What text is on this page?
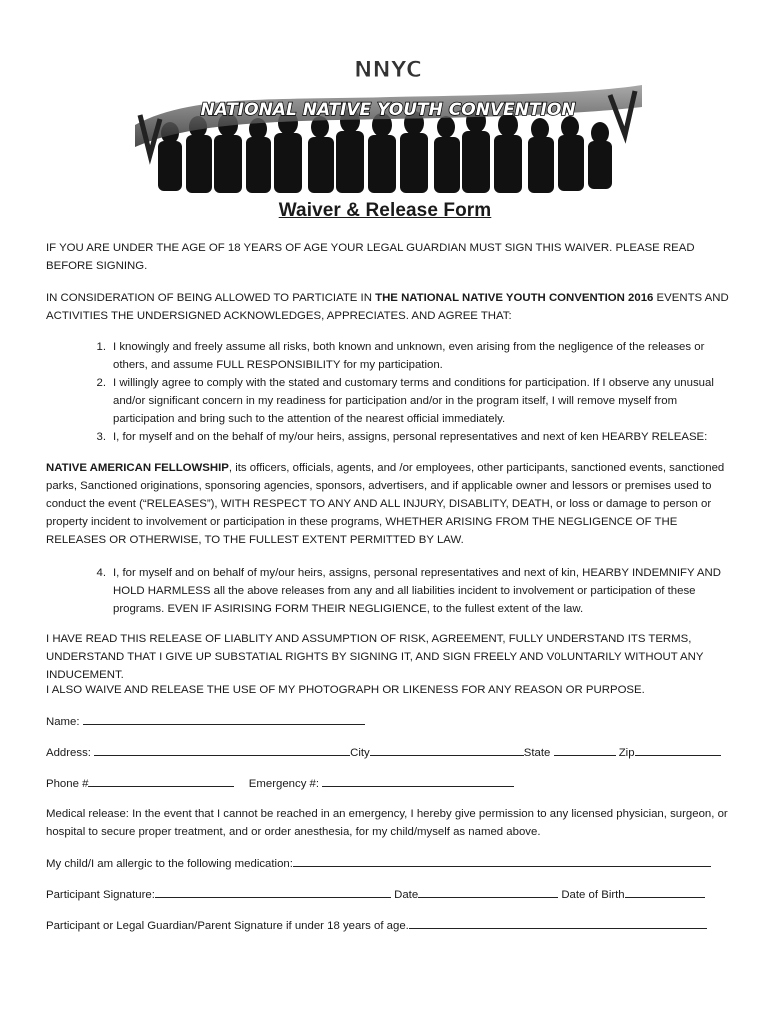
NNYC
NATIONAL NATIVE YOUTH CONVENTION
Waiver & Release Form
IF YOU ARE UNDER THE AGE OF 18 YEARS OF AGE YOUR LEGAL GUARDIAN MUST SIGN THIS WAIVER. PLEASE READ BEFORE SIGNING.
IN CONSIDERATION OF BEING ALLOWED TO PARTICIATE IN THE NATIONAL NATIVE YOUTH CONVENTION 2016 EVENTS AND ACTIVITIES THE UNDERSIGNED ACKNOWLEDGES, APPRECIATES. AND AGREE THAT:
1. I knowingly and freely assume all risks, both known and unknown, even arising from the negligence of the releases or others, and assume FULL RESPONSIBILITY for my participation.
2. I willingly agree to comply with the stated and customary terms and conditions for participation. If I observe any unusual and/or significant concern in my readiness for participation and/or in the program itself, I will remove myself from participation and bring such to the attention of the nearest official immediately.
3. I, for myself and on the behalf of my/our heirs, assigns, personal representatives and next of ken HEARBY RELEASE:
NATIVE AMERICAN FELLOWSHIP, its officers, officials, agents, and /or employees, other participants, sanctioned events, sanctioned parks, Sanctioned originations, sponsoring agencies, sponsors, advertisers, and if applicable owner and lessors or premises used to conduct the event (“RELEASES”), WITH RESPECT TO ANY AND ALL INJURY, DISABLITY, DEATH, or loss or damage to person or property incident to involvement or participation in these programs, WHETHER ARISING FROM THE NEGLIGENCE OF THE RELEASES OR OTHERWISE, TO THE FULLEST EXTENT PERMITTED BY LAW.
4. I, for myself and on behalf of my/our heirs, assigns, personal representatives and next of kin, HEARBY INDEMNIFY AND HOLD HARMLESS all the above releases from any and all liabilities incident to involvement or participation of these programs. EVEN IF ASIRISING FORM THEIR NEGLIGIENCE, to the fullest extent of the law.
I HAVE READ THIS RELEASE OF LIABLITY AND ASSUMPTION OF RISK, AGREEMENT, FULLY UNDERSTAND ITS TERMS, UNDERSTAND THAT I GIVE UP SUBSTATIAL RIGHTS BY SIGNING IT, AND SIGN FREELY AND V0LUNTARILY WITHOUT ANY INDUCEMENT.
I ALSO WAIVE AND RELEASE THE USE OF MY PHOTOGRAPH OR LIKENESS FOR ANY REASON OR PURPOSE.
Name:
Address:	City	State	Zip
Phone #	Emergency #:
Medical release: In the event that I cannot be reached in an emergency, I hereby give permission to any licensed physician, surgeon, or hospital to secure proper treatment, and or order anesthesia, for my child/myself as named above.
My child/I am allergic to the following medication:
Participant Signature:	Date	Date of Birth
Participant or Legal Guardian/Parent Signature if under 18 years of age.
